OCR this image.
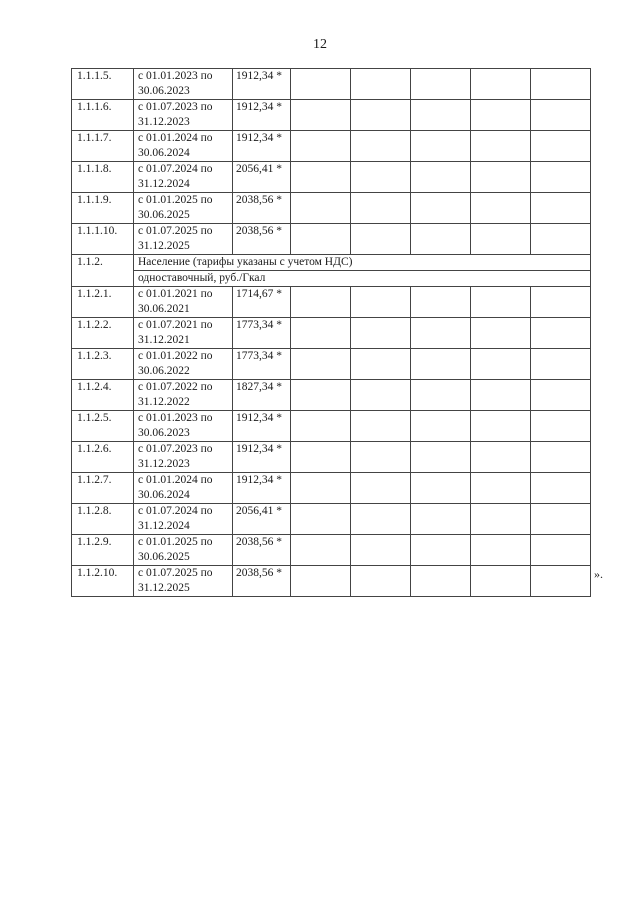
12
1.1.1.5.	с 01.01.2023 по
30.06.2023	1912,34 *					
1.1.1.6.	с 01.07.2023 по
31.12.2023	1912,34 *					
1.1.1.7.	с 01.01.2024 по
30.06.2024	1912,34 *					
1.1.1.8.	с 01.07.2024 по
31.12.2024	2056,41 *					
1.1.1.9.	с 01.01.2025 по
30.06.2025	2038,56 *					
1.1.1.10.	с 01.07.2025 по
31.12.2025	2038,56 *					
1.1.2.	Население (тарифы указаны с учетом НДС)						
	одноставочный, руб./Гкал						
1.1.2.1.	с 01.01.2021 по
30.06.2021	1714,67 *					
1.1.2.2.	с 01.07.2021 по
31.12.2021	1773,34 *					
1.1.2.3.	с 01.01.2022 по
30.06.2022	1773,34 *					
1.1.2.4.	с 01.07.2022 по
31.12.2022	1827,34 *					
1.1.2.5.	с 01.01.2023 по
30.06.2023	1912,34 *					
1.1.2.6.	с 01.07.2023 по
31.12.2023	1912,34 *					
1.1.2.7.	с 01.01.2024 по
30.06.2024	1912,34 *					
1.1.2.8.	с 01.07.2024 по
31.12.2024	2056,41 *					
1.1.2.9.	с 01.01.2025 по
30.06.2025	2038,56 *					
1.1.2.10.	с 01.07.2025 по
31.12.2025	2038,56 *						».
